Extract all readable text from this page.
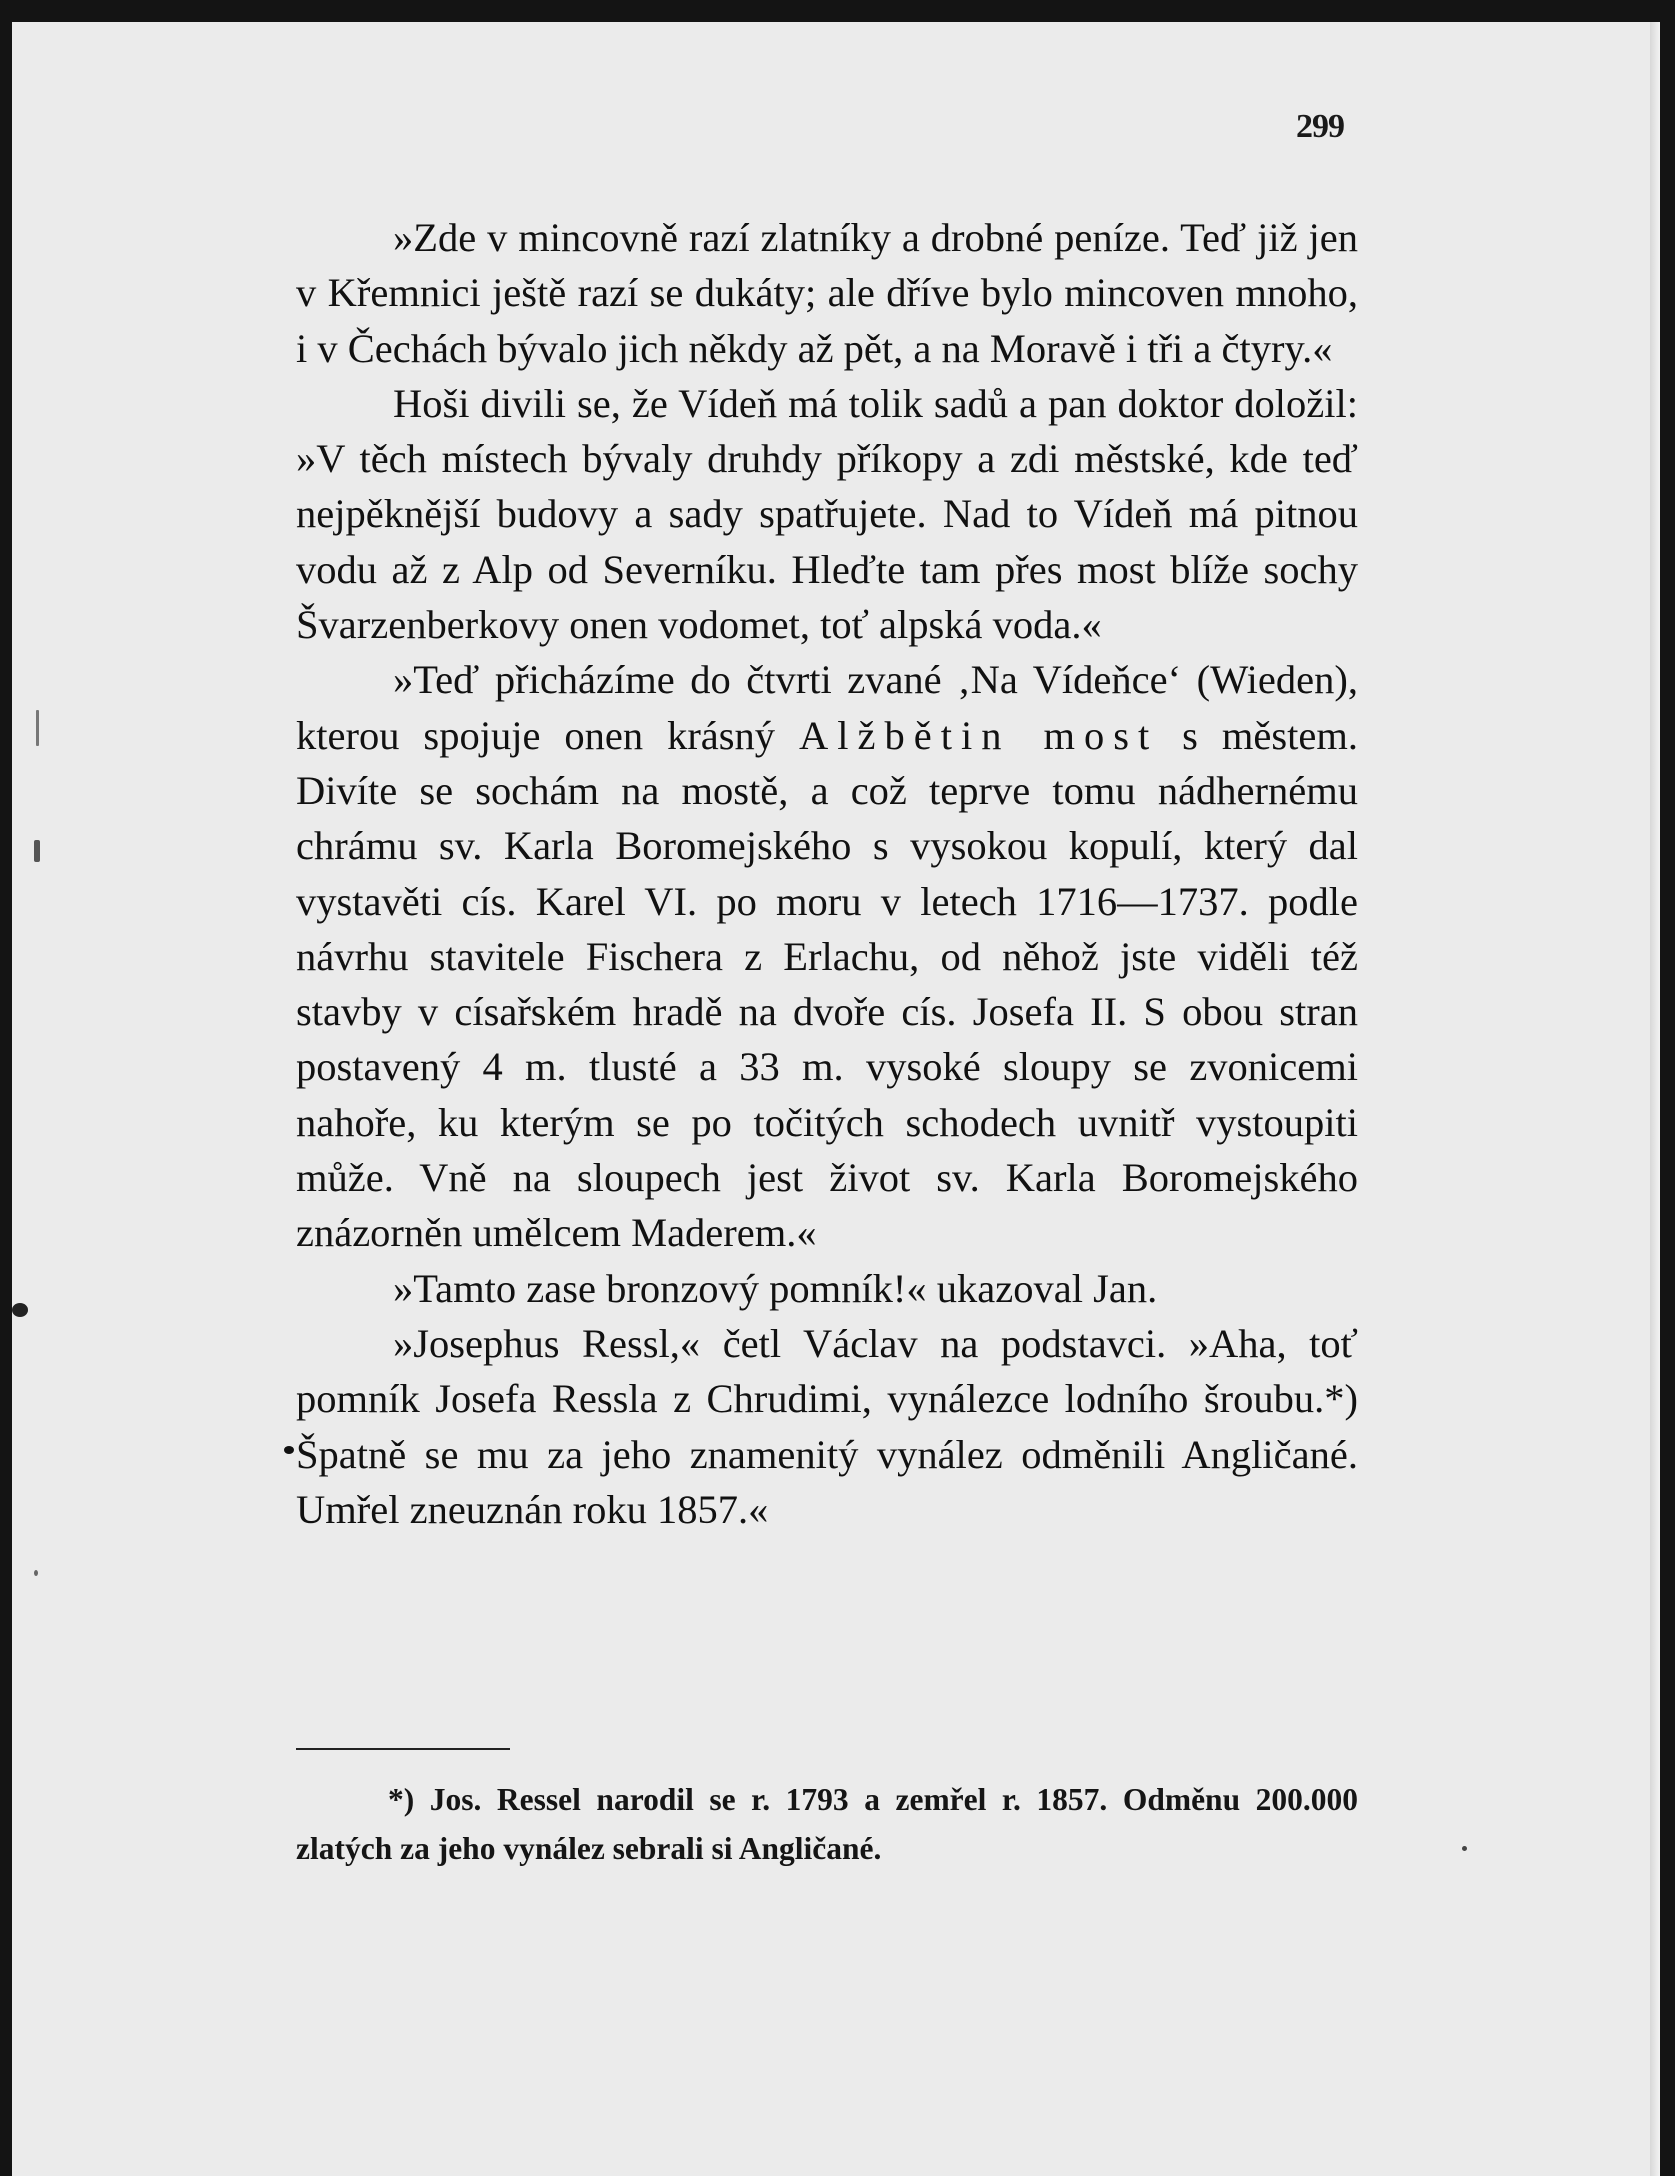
299

»Zde v mincovně razí zlatníky a drobné peníze. Teď již jen v Křemnici ještě razí se dukáty; ale dříve bylo mincoven mnoho, i v Čechách bývalo jich někdy až pět, a na Moravě i tři a čtyry.«

Hoši divili se, že Vídeň má tolik sadů a pan doktor doložil: »V těch místech bývaly druhdy příkopy a zdi městské, kde teď nejpěknější budovy a sady spatřujete. Nad to Vídeň má pitnou vodu až z Alp od Severníku. Hleďte tam přes most blíže sochy Švarzenberkovy onen vodomet, toť alpská voda.«

»Teď přicházíme do čtvrti zvané ‚Na Vídeňce‘ (Wieden), kterou spojuje onen krásný Alžbětin most s městem. Divíte se sochám na mostě, a což teprve tomu nádhernému chrámu sv. Karla Boromejského s vysokou kopulí, který dal vystavěti cís. Karel VI. po moru v letech 1716—1737. podle návrhu stavitele Fischera z Erlachu, od něhož jste viděli též stavby v císařském hradě na dvoře cís. Josefa II. S obou stran postavený 4 m. tlusté a 33 m. vysoké sloupy se zvonicemi nahoře, ku kterým se po točitých schodech uvnitř vystoupiti může. Vně na sloupech jest život sv. Karla Boromejského znázorněn umělcem Maderem.«

»Tamto zase bronzový pomník!« ukazoval Jan.

»Josephus Ressl,« četl Václav na podstavci. »Aha, toť pomník Josefa Ressla z Chrudimi, vynálezce lodního šroubu.*) Špatně se mu za jeho znamenitý vynález odměnili Angličané. Umřel zneuznán roku 1857.«

*) Jos. Ressel narodil se r. 1793 a zemřel r. 1857. Odměnu 200.000 zlatých za jeho vynález sebrali si Angličané.
